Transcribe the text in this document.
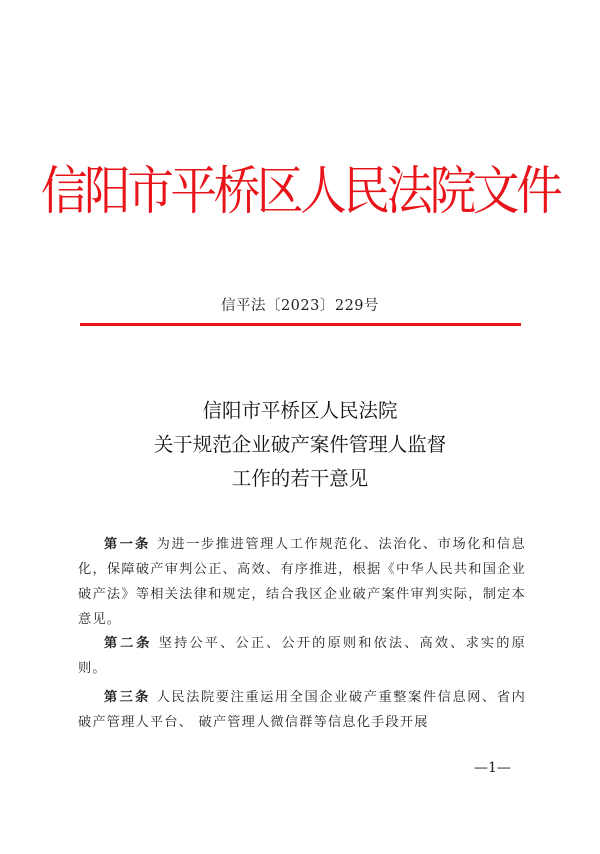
信阳市平桥区人民法院文件
信平法〔2023〕229号
信阳市平桥区人民法院
关于规范企业破产案件管理人监督
工作的若干意见
第一条 为进一步推进管理人工作规范化、法治化、市场化和信息化，保障破产审判公正、高效、有序推进，根据《中华人民共和国企业破产法》等相关法律和规定，结合我区企业破产案件审判实际，制定本意见。
第二条 坚持公平、公正、公开的原则和依法、高效、求实的原则。
第三条 人民法院要注重运用全国企业破产重整案件信息网、省内破产管理人平台、 破产管理人微信群等信息化手段开展
—1—
